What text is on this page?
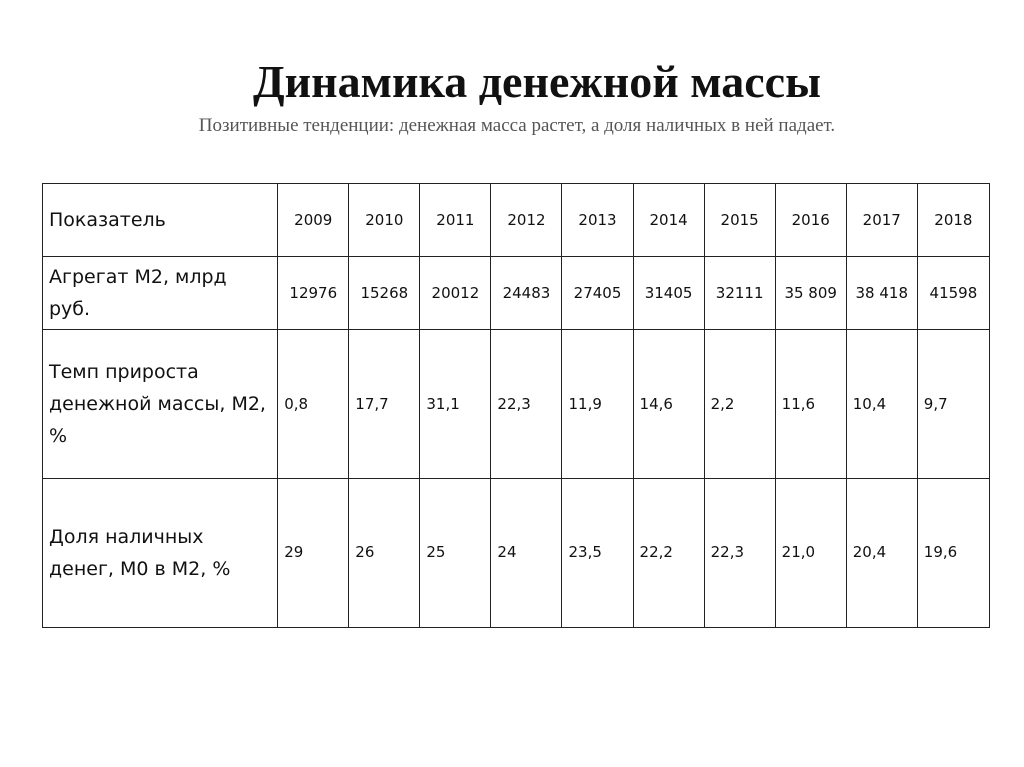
Динамика денежной массы

Позитивные тенденции: денежная масса растет, а доля наличных в ней падает.

Показатель	2009	2010	2011	2012	2013	2014	2015	2016	2017	2018
Агрегат М2, млрд руб.	12976	15268	20012	24483	27405	31405	32111	35 809	38 418	41598
Темп прироста денежной массы, М2, %	0,8	17,7	31,1	22,3	11,9	14,6	2,2	11,6	10,4	9,7
Доля наличных денег, М0 в М2, %	29	26	25	24	23,5	22,2	22,3	21,0	20,4	19,6
